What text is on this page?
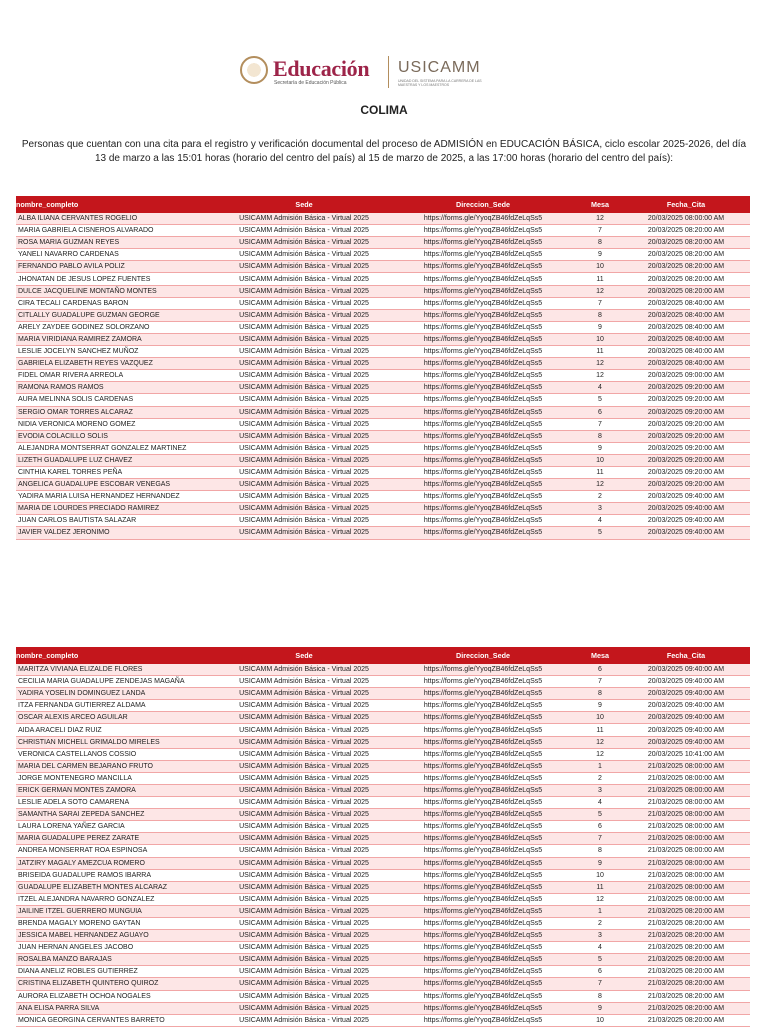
Educación
Secretaría de Educación Pública
USICAMM
UNIDAD DEL SISTEMA PARA LA CARRERA DE LAS MAESTRAS Y LOS MAESTROS
COLIMA
Personas que cuentan con una cita para el registro y verificación documental del proceso de ADMISIÓN en EDUCACIÓN BÁSICA, ciclo escolar 2025-2026, del día 13 de marzo a las 15:01 horas (horario del centro del país) al 15 de marzo de 2025, a las 17:00 horas (horario del centro del país):
nombre_completo	Sede	Direccion_Sede	Mesa	Fecha_Cita
ALBA ILIANA CERVANTES ROGELIO	USICAMM Admisión Básica - Virtual 2025	https://forms.gle/YyoqZB46fdZeLqSs5	12	20/03/2025 08:00:00 AM
MARIA GABRIELA CISNEROS ALVARADO	USICAMM Admisión Básica - Virtual 2025	https://forms.gle/YyoqZB46fdZeLqSs5	7	20/03/2025 08:20:00 AM
ROSA MARIA GUZMAN REYES	USICAMM Admisión Básica - Virtual 2025	https://forms.gle/YyoqZB46fdZeLqSs5	8	20/03/2025 08:20:00 AM
YANELI NAVARRO CARDENAS	USICAMM Admisión Básica - Virtual 2025	https://forms.gle/YyoqZB46fdZeLqSs5	9	20/03/2025 08:20:00 AM
FERNANDO PABLO AVILA POLIZ	USICAMM Admisión Básica - Virtual 2025	https://forms.gle/YyoqZB46fdZeLqSs5	10	20/03/2025 08:20:00 AM
JHONATAN DE JESUS LOPEZ FUENTES	USICAMM Admisión Básica - Virtual 2025	https://forms.gle/YyoqZB46fdZeLqSs5	11	20/03/2025 08:20:00 AM
DULCE JACQUELINE MONTAÑO MONTES	USICAMM Admisión Básica - Virtual 2025	https://forms.gle/YyoqZB46fdZeLqSs5	12	20/03/2025 08:20:00 AM
CIRA TECALI CARDENAS BARON	USICAMM Admisión Básica - Virtual 2025	https://forms.gle/YyoqZB46fdZeLqSs5	7	20/03/2025 08:40:00 AM
CITLALLY GUADALUPE GUZMAN GEORGE	USICAMM Admisión Básica - Virtual 2025	https://forms.gle/YyoqZB46fdZeLqSs5	8	20/03/2025 08:40:00 AM
ARELY ZAYDEE GODINEZ SOLORZANO	USICAMM Admisión Básica - Virtual 2025	https://forms.gle/YyoqZB46fdZeLqSs5	9	20/03/2025 08:40:00 AM
MARIA VIRIDIANA RAMIREZ ZAMORA	USICAMM Admisión Básica - Virtual 2025	https://forms.gle/YyoqZB46fdZeLqSs5	10	20/03/2025 08:40:00 AM
LESLIE JOCELYN SANCHEZ MUÑOZ	USICAMM Admisión Básica - Virtual 2025	https://forms.gle/YyoqZB46fdZeLqSs5	11	20/03/2025 08:40:00 AM
GABRIELA ELIZABETH REYES VAZQUEZ	USICAMM Admisión Básica - Virtual 2025	https://forms.gle/YyoqZB46fdZeLqSs5	12	20/03/2025 08:40:00 AM
FIDEL OMAR RIVERA ARREOLA	USICAMM Admisión Básica - Virtual 2025	https://forms.gle/YyoqZB46fdZeLqSs5	12	20/03/2025 09:00:00 AM
RAMONA RAMOS RAMOS	USICAMM Admisión Básica - Virtual 2025	https://forms.gle/YyoqZB46fdZeLqSs5	4	20/03/2025 09:20:00 AM
AURA MELINNA SOLIS CARDENAS	USICAMM Admisión Básica - Virtual 2025	https://forms.gle/YyoqZB46fdZeLqSs5	5	20/03/2025 09:20:00 AM
SERGIO OMAR TORRES ALCARAZ	USICAMM Admisión Básica - Virtual 2025	https://forms.gle/YyoqZB46fdZeLqSs5	6	20/03/2025 09:20:00 AM
NIDIA VERONICA MORENO GOMEZ	USICAMM Admisión Básica - Virtual 2025	https://forms.gle/YyoqZB46fdZeLqSs5	7	20/03/2025 09:20:00 AM
EVODIA COLACILLO SOLIS	USICAMM Admisión Básica - Virtual 2025	https://forms.gle/YyoqZB46fdZeLqSs5	8	20/03/2025 09:20:00 AM
ALEJANDRA MONTSERRAT GONZALEZ MARTINEZ	USICAMM Admisión Básica - Virtual 2025	https://forms.gle/YyoqZB46fdZeLqSs5	9	20/03/2025 09:20:00 AM
LIZETH GUADALUPE LUZ CHAVEZ	USICAMM Admisión Básica - Virtual 2025	https://forms.gle/YyoqZB46fdZeLqSs5	10	20/03/2025 09:20:00 AM
CINTHIA KAREL TORRES PEÑA	USICAMM Admisión Básica - Virtual 2025	https://forms.gle/YyoqZB46fdZeLqSs5	11	20/03/2025 09:20:00 AM
ANGELICA GUADALUPE ESCOBAR VENEGAS	USICAMM Admisión Básica - Virtual 2025	https://forms.gle/YyoqZB46fdZeLqSs5	12	20/03/2025 09:20:00 AM
YADIRA MARIA LUISA HERNANDEZ HERNANDEZ	USICAMM Admisión Básica - Virtual 2025	https://forms.gle/YyoqZB46fdZeLqSs5	2	20/03/2025 09:40:00 AM
MARIA DE LOURDES PRECIADO RAMIREZ	USICAMM Admisión Básica - Virtual 2025	https://forms.gle/YyoqZB46fdZeLqSs5	3	20/03/2025 09:40:00 AM
JUAN CARLOS BAUTISTA SALAZAR	USICAMM Admisión Básica - Virtual 2025	https://forms.gle/YyoqZB46fdZeLqSs5	4	20/03/2025 09:40:00 AM
JAVIER VALDEZ JERONIMO	USICAMM Admisión Básica - Virtual 2025	https://forms.gle/YyoqZB46fdZeLqSs5	5	20/03/2025 09:40:00 AM
nombre_completo	Sede	Direccion_Sede	Mesa	Fecha_Cita
MARITZA VIVIANA ELIZALDE FLORES	USICAMM Admisión Básica - Virtual 2025	https://forms.gle/YyoqZB46fdZeLqSs5	6	20/03/2025 09:40:00 AM
CECILIA MARIA GUADALUPE ZENDEJAS MAGAÑA	USICAMM Admisión Básica - Virtual 2025	https://forms.gle/YyoqZB46fdZeLqSs5	7	20/03/2025 09:40:00 AM
YADIRA YOSELIN DOMINGUEZ LANDA	USICAMM Admisión Básica - Virtual 2025	https://forms.gle/YyoqZB46fdZeLqSs5	8	20/03/2025 09:40:00 AM
ITZA FERNANDA GUTIERREZ ALDAMA	USICAMM Admisión Básica - Virtual 2025	https://forms.gle/YyoqZB46fdZeLqSs5	9	20/03/2025 09:40:00 AM
OSCAR ALEXIS ARCEO AGUILAR	USICAMM Admisión Básica - Virtual 2025	https://forms.gle/YyoqZB46fdZeLqSs5	10	20/03/2025 09:40:00 AM
AIDA ARACELI DIAZ RUIZ	USICAMM Admisión Básica - Virtual 2025	https://forms.gle/YyoqZB46fdZeLqSs5	11	20/03/2025 09:40:00 AM
CHRISTIAN MICHELL GRIMALDO MIRELES	USICAMM Admisión Básica - Virtual 2025	https://forms.gle/YyoqZB46fdZeLqSs5	12	20/03/2025 09:40:00 AM
VERONICA CASTELLANOS COSSIO	USICAMM Admisión Básica - Virtual 2025	https://forms.gle/YyoqZB46fdZeLqSs5	12	20/03/2025 10:41:00 AM
MARIA DEL CARMEN BEJARANO FRUTO	USICAMM Admisión Básica - Virtual 2025	https://forms.gle/YyoqZB46fdZeLqSs5	1	21/03/2025 08:00:00 AM
JORGE MONTENEGRO MANCILLA	USICAMM Admisión Básica - Virtual 2025	https://forms.gle/YyoqZB46fdZeLqSs5	2	21/03/2025 08:00:00 AM
ERICK GERMAN MONTES ZAMORA	USICAMM Admisión Básica - Virtual 2025	https://forms.gle/YyoqZB46fdZeLqSs5	3	21/03/2025 08:00:00 AM
LESLIE ADELA SOTO CAMARENA	USICAMM Admisión Básica - Virtual 2025	https://forms.gle/YyoqZB46fdZeLqSs5	4	21/03/2025 08:00:00 AM
SAMANTHA SARAI ZEPEDA SANCHEZ	USICAMM Admisión Básica - Virtual 2025	https://forms.gle/YyoqZB46fdZeLqSs5	5	21/03/2025 08:00:00 AM
LAURA LORENA YAÑEZ GARCIA	USICAMM Admisión Básica - Virtual 2025	https://forms.gle/YyoqZB46fdZeLqSs5	6	21/03/2025 08:00:00 AM
MARIA GUADALUPE PEREZ ZARATE	USICAMM Admisión Básica - Virtual 2025	https://forms.gle/YyoqZB46fdZeLqSs5	7	21/03/2025 08:00:00 AM
ANDREA MONSERRAT ROA ESPINOSA	USICAMM Admisión Básica - Virtual 2025	https://forms.gle/YyoqZB46fdZeLqSs5	8	21/03/2025 08:00:00 AM
JATZIRY MAGALY AMEZCUA ROMERO	USICAMM Admisión Básica - Virtual 2025	https://forms.gle/YyoqZB46fdZeLqSs5	9	21/03/2025 08:00:00 AM
BRISEIDA GUADALUPE RAMOS IBARRA	USICAMM Admisión Básica - Virtual 2025	https://forms.gle/YyoqZB46fdZeLqSs5	10	21/03/2025 08:00:00 AM
GUADALUPE ELIZABETH MONTES ALCARAZ	USICAMM Admisión Básica - Virtual 2025	https://forms.gle/YyoqZB46fdZeLqSs5	11	21/03/2025 08:00:00 AM
ITZEL ALEJANDRA NAVARRO GONZALEZ	USICAMM Admisión Básica - Virtual 2025	https://forms.gle/YyoqZB46fdZeLqSs5	12	21/03/2025 08:00:00 AM
JAILINE ITZEL GUERRERO MUNGUIA	USICAMM Admisión Básica - Virtual 2025	https://forms.gle/YyoqZB46fdZeLqSs5	1	21/03/2025 08:20:00 AM
BRENDA MAGALY MORENO GAYTAN	USICAMM Admisión Básica - Virtual 2025	https://forms.gle/YyoqZB46fdZeLqSs5	2	21/03/2025 08:20:00 AM
JESSICA MABEL HERNANDEZ AGUAYO	USICAMM Admisión Básica - Virtual 2025	https://forms.gle/YyoqZB46fdZeLqSs5	3	21/03/2025 08:20:00 AM
JUAN HERNAN ANGELES JACOBO	USICAMM Admisión Básica - Virtual 2025	https://forms.gle/YyoqZB46fdZeLqSs5	4	21/03/2025 08:20:00 AM
ROSALBA MANZO BARAJAS	USICAMM Admisión Básica - Virtual 2025	https://forms.gle/YyoqZB46fdZeLqSs5	5	21/03/2025 08:20:00 AM
DIANA ANELIZ ROBLES GUTIERREZ	USICAMM Admisión Básica - Virtual 2025	https://forms.gle/YyoqZB46fdZeLqSs5	6	21/03/2025 08:20:00 AM
CRISTINA ELIZABETH QUINTERO QUIROZ	USICAMM Admisión Básica - Virtual 2025	https://forms.gle/YyoqZB46fdZeLqSs5	7	21/03/2025 08:20:00 AM
AURORA ELIZABETH OCHOA NOGALES	USICAMM Admisión Básica - Virtual 2025	https://forms.gle/YyoqZB46fdZeLqSs5	8	21/03/2025 08:20:00 AM
ANA ELISA PARRA SILVA	USICAMM Admisión Básica - Virtual 2025	https://forms.gle/YyoqZB46fdZeLqSs5	9	21/03/2025 08:20:00 AM
MONICA GEORGINA CERVANTES BARRETO	USICAMM Admisión Básica - Virtual 2025	https://forms.gle/YyoqZB46fdZeLqSs5	10	21/03/2025 08:20:00 AM
